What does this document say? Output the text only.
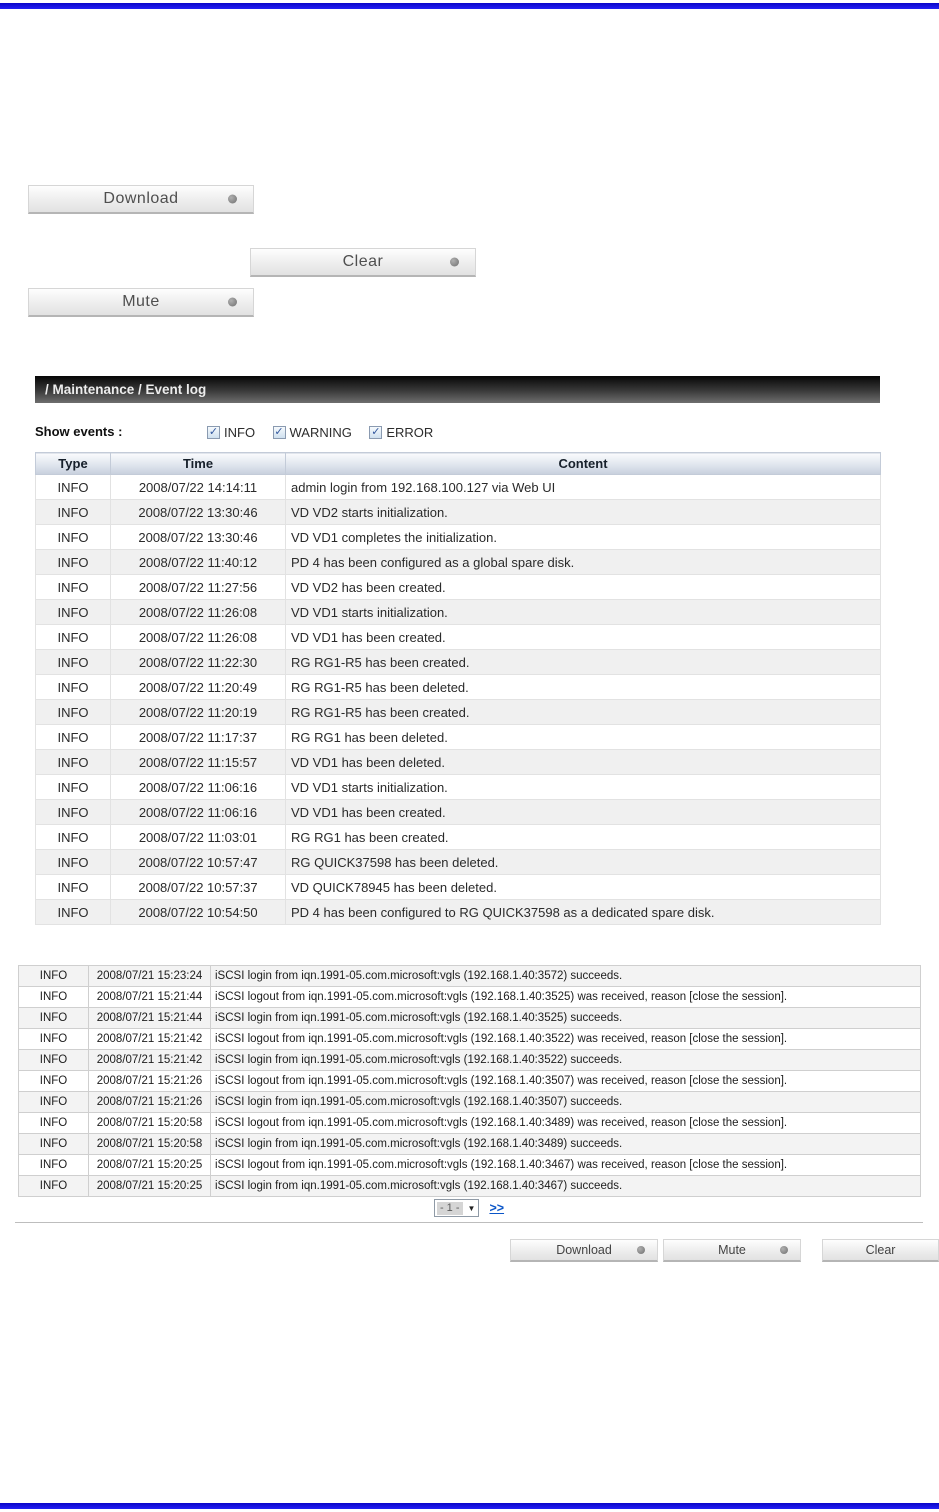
Download
Clear
Mute
/ Maintenance / Event log
Show events : ✓	INFO
✓	WARNING
✓	ERROR
Type	Time	Content
INFO	2008/07/22 14:14:11	admin login from 192.168.100.127 via Web UI
INFO	2008/07/22 13:30:46	VD VD2 starts initialization.
INFO	2008/07/22 13:30:46	VD VD1 completes the initialization.
INFO	2008/07/22 11:40:12	PD 4 has been configured as a global spare disk.
INFO	2008/07/22 11:27:56	VD VD2 has been created.
INFO	2008/07/22 11:26:08	VD VD1 starts initialization.
INFO	2008/07/22 11:26:08	VD VD1 has been created.
INFO	2008/07/22 11:22:30	RG RG1-R5 has been created.
INFO	2008/07/22 11:20:49	RG RG1-R5 has been deleted.
INFO	2008/07/22 11:20:19	RG RG1-R5 has been created.
INFO	2008/07/22 11:17:37	RG RG1 has been deleted.
INFO	2008/07/22 11:15:57	VD VD1 has been deleted.
INFO	2008/07/22 11:06:16	VD VD1 starts initialization.
INFO	2008/07/22 11:06:16	VD VD1 has been created.
INFO	2008/07/22 11:03:01	RG RG1 has been created.
INFO	2008/07/22 10:57:47	RG QUICK37598 has been deleted.
INFO	2008/07/22 10:57:37	VD QUICK78945 has been deleted.
INFO	2008/07/22 10:54:50	PD 4 has been configured to RG QUICK37598 as a dedicated spare disk.
INFO	2008/07/21 15:23:24	iSCSI login from iqn.1991-05.com.microsoft:vgls (192.168.1.40:3572) succeeds.
INFO	2008/07/21 15:21:44	iSCSI logout from iqn.1991-05.com.microsoft:vgls (192.168.1.40:3525) was received, reason [close the session].
INFO	2008/07/21 15:21:44	iSCSI login from iqn.1991-05.com.microsoft:vgls (192.168.1.40:3525) succeeds.
INFO	2008/07/21 15:21:42	iSCSI logout from iqn.1991-05.com.microsoft:vgls (192.168.1.40:3522) was received, reason [close the session].
INFO	2008/07/21 15:21:42	iSCSI login from iqn.1991-05.com.microsoft:vgls (192.168.1.40:3522) succeeds.
INFO	2008/07/21 15:21:26	iSCSI logout from iqn.1991-05.com.microsoft:vgls (192.168.1.40:3507) was received, reason [close the session].
INFO	2008/07/21 15:21:26	iSCSI login from iqn.1991-05.com.microsoft:vgls (192.168.1.40:3507) succeeds.
INFO	2008/07/21 15:20:58	iSCSI logout from iqn.1991-05.com.microsoft:vgls (192.168.1.40:3489) was received, reason [close the session].
INFO	2008/07/21 15:20:58	iSCSI login from iqn.1991-05.com.microsoft:vgls (192.168.1.40:3489) succeeds.
INFO	2008/07/21 15:20:25	iSCSI logout from iqn.1991-05.com.microsoft:vgls (192.168.1.40:3467) was received, reason [close the session].
INFO	2008/07/21 15:20:25	iSCSI login from iqn.1991-05.com.microsoft:vgls (192.168.1.40:3467) succeeds.
- 1 -	▼ >>
Download	Mute	Clear
